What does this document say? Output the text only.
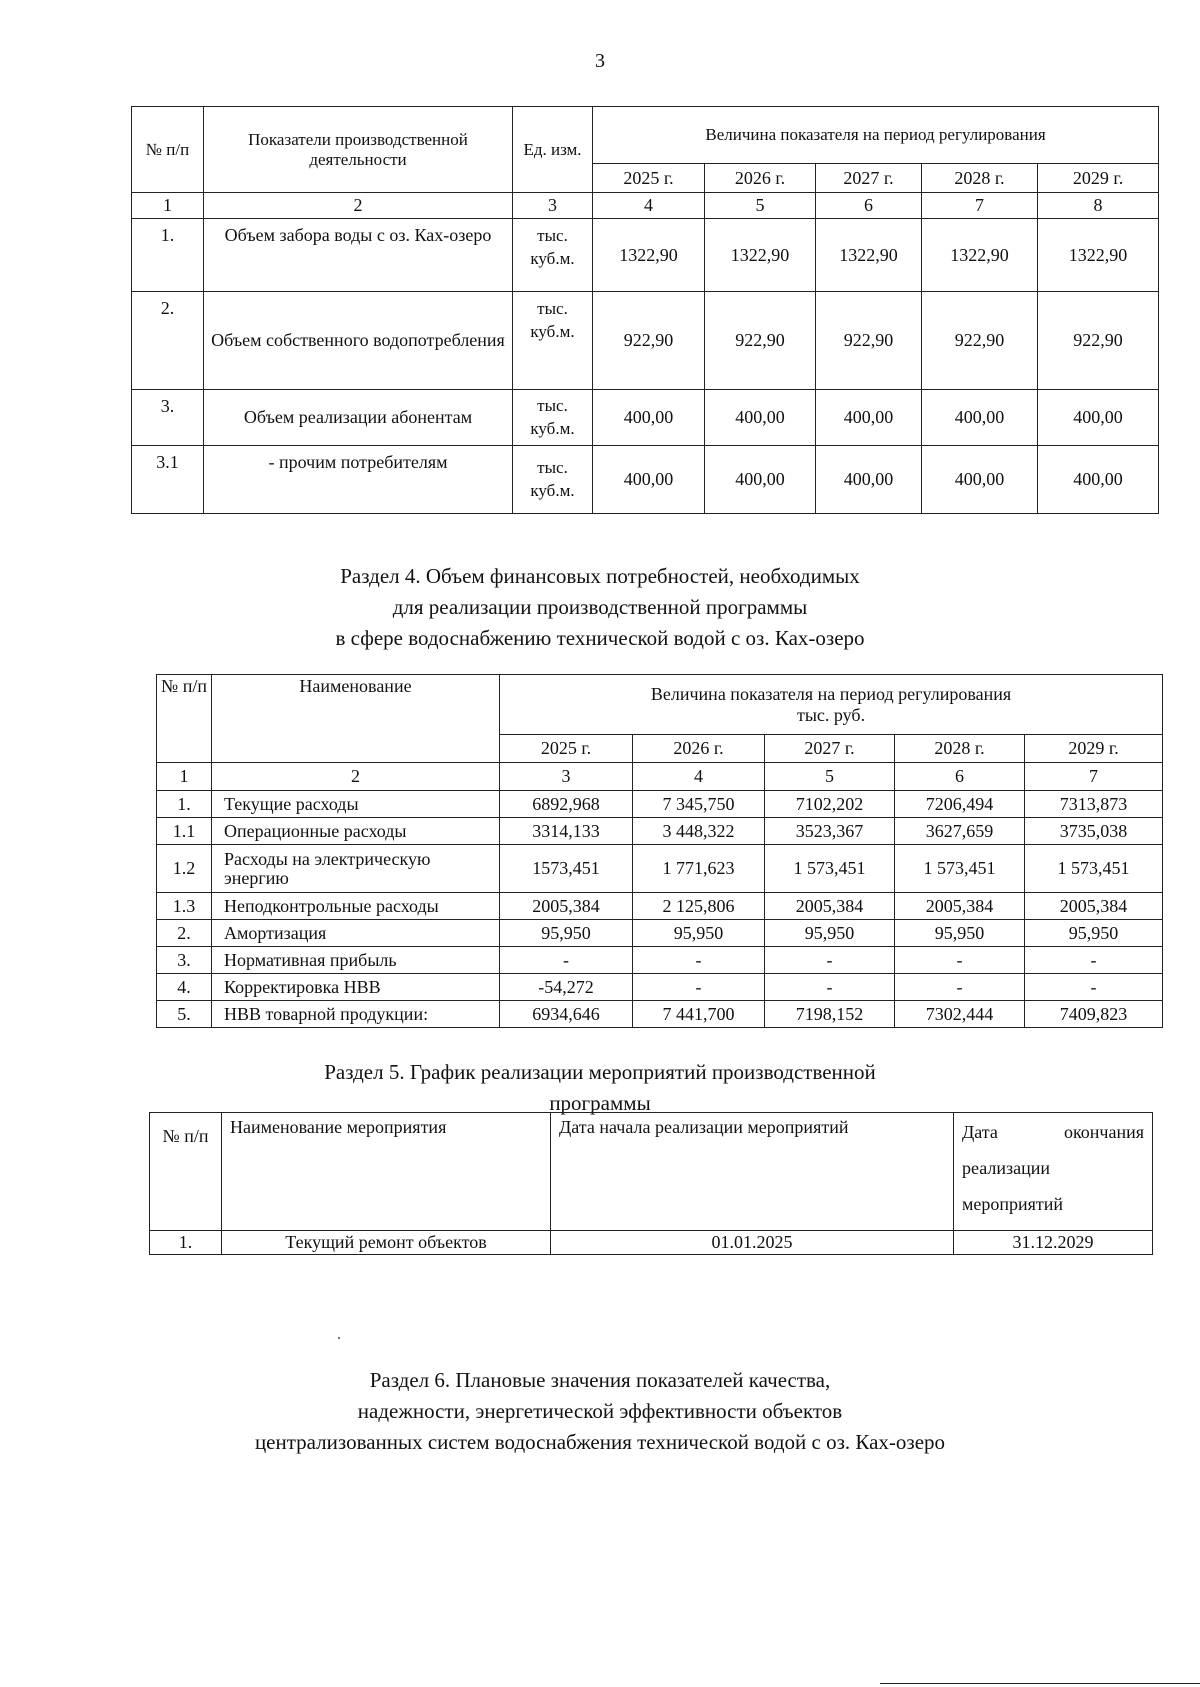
3
№ п/п	Показатели производственной деятельности	Ед. изм.	Величина показателя на период регулирования				
			2025 г.	2026 г.	2027 г.	2028 г.	2029 г.
1	2	3	4	5	6	7	8
1.	Объем забора воды с оз. Ках-озеро	тыс. куб.м.	1322,90	1322,90	1322,90	1322,90	1322,90
2.	Объем собственного водопотребления	тыс. куб.м.	922,90	922,90	922,90	922,90	922,90
3.	Объем реализации абонентам	тыс. куб.м.	400,00	400,00	400,00	400,00	400,00
3.1	- прочим потребителям	тыс. куб.м.	400,00	400,00	400,00	400,00	400,00
Раздел 4. Объем финансовых потребностей, необходимых
для реализации производственной программы
в сфере водоснабжению технической водой с оз. Ках-озеро
№ п/п	Наименование	Величина показателя на период регулирования
тыс. руб.				

		2025 г.	2026 г.	2027 г.	2028 г.	2029 г.
1	2	3	4	5	6	7
1.	Текущие расходы	6892,968	7 345,750	7102,202	7206,494	7313,873
1.1	Операционные расходы	3314,133	3 448,322	3523,367	3627,659	3735,038
1.2	Расходы на электрическую энергию	1573,451	1 771,623	1 573,451	1 573,451	1 573,451
1.3	Неподконтрольные расходы	2005,384	2 125,806	2005,384	2005,384	2005,384
2.	Амортизация	95,950	95,950	95,950	95,950	95,950
3.	Нормативная прибыль	-	-	-	-	-
4.	Корректировка НВВ	-54,272	-	-	-	-
5.	НВВ товарной продукции:	6934,646	7 441,700	7198,152	7302,444	7409,823
Раздел 5. График реализации мероприятий производственной
программы
№ п/п	Наименование мероприятия	Дата начала реализации мероприятий	Дата окончания
реализации
мероприятий

1.	Текущий ремонт объектов	01.01.2025	31.12.2029
Раздел 6. Плановые значения показателей качества,
надежности, энергетической эффективности объектов
централизованных систем водоснабжения технической водой с оз. Ках-озеро
